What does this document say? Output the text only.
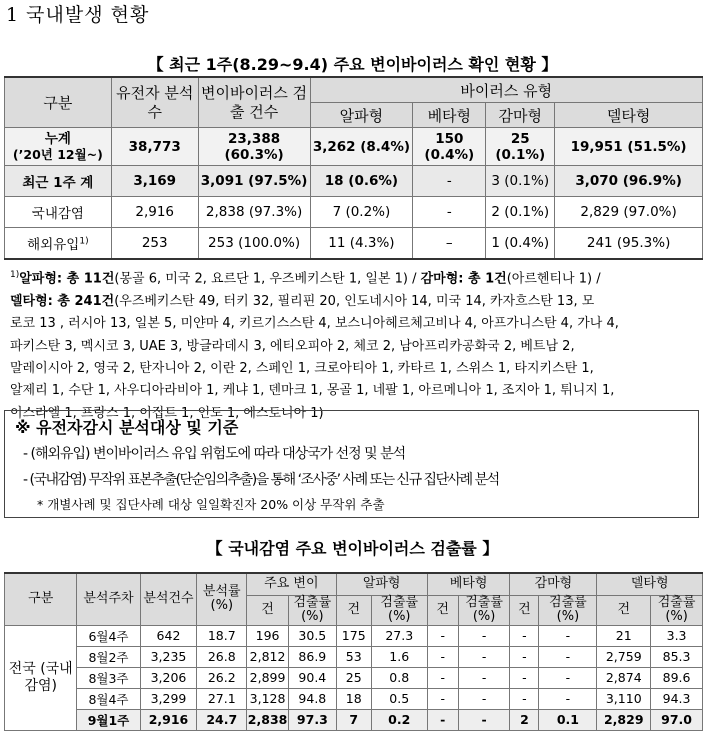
1 국내발생 현황
【 최근 1주(8.29~9.4) 주요 변이바이러스 확인 현황 】
구분	유전자 분석 수	변이바이러스 검출 건수	바이러스 유형			
			알파형	베타형	감마형	델타형
누계
(’20년 12월~)	38,773	23,388 (60.3%)	3,262 (8.4%)	150 (0.4%)	25 (0.1%)	19,951 (51.5%)
최근 1주 계	3,169	3,091 (97.5%)	18 (0.6%)	-	3 (0.1%)	3,070 (96.9%)
국내감염	2,916	2,838 (97.3%)	7 (0.2%)	-	2 (0.1%)	2,829 (97.0%)
해외유입$^{1)}$	253	253 (100.0%)	11 (4.3%)	–	1 (0.4%)	241 (95.3%)
$^{1)}$알파형: 총 11건(몽골 6, 미국 2, 요르단 1, 우즈베키스탄 1, 일본 1) / 감마형: 총 1건(아르헨티나 1) /
델타형: 총 241건(우즈베키스탄 49, 터키 32, 필리핀 20, 인도네시아 14, 미국 14, 카자흐스탄 13, 모
로코 13 , 러시아 13, 일본 5, 미얀마 4, 키르기스스탄 4, 보스니아헤르체고비나 4, 아프가니스탄 4, 가나 4,
파키스탄 3, 멕시코 3, UAE 3, 방글라데시 3, 에티오피아 2, 체코 2, 남아프리카공화국 2, 베트남 2,
말레이시아 2, 영국 2, 탄자니아 2, 이란 2, 스페인 1, 크로아티아 1, 카타르 1, 스위스 1, 타지키스탄 1,
알제리 1, 수단 1, 사우디아라비아 1, 케냐 1, 덴마크 1, 몽골 1, 네팔 1, 아르메니아 1, 조지아 1, 튀니지 1,
이스라엘 1, 프랑스 1, 이집트 1, 인도 1, 에스토니아 1)
※ 유전자감시 분석대상 및 기준
- (해외유입) 변이바이러스 유입 위험도에 따라 대상국가 선정 및 분석
- (국내감염) 무작위 표본추출(단순임의추출)을 통해 ‘조사중’ 사례 또는 신규 집단사례 분석
* 개별사례 및 집단사례 대상 일일확진자 20% 이상 무작위 추출
【 국내감염 주요 변이바이러스 검출률 】
구분	분석주차	분석건수	분석률 (%)	주요 변이		알파형		베타형		감마형		델타형	
				건	검출률 (%)	건	검출률 (%)	건	검출률 (%)	건	검출률 (%)	건	검출률 (%)
전국 (국내감염)	6월4주	642	18.7	196	30.5	175	27.3	-	-	-	-	21	3.3
	8월2주	3,235	26.8	2,812	86.9	53	1.6	-	-	-	-	2,759	85.3
	8월3주	3,206	26.2	2,899	90.4	25	0.8	-	-	-	-	2,874	89.6
	8월4주	3,299	27.1	3,128	94.8	18	0.5	-	-	-	-	3,110	94.3
	9월1주	2,916	24.7	2,838	97.3	7	0.2	-	-	2	0.1	2,829	97.0
